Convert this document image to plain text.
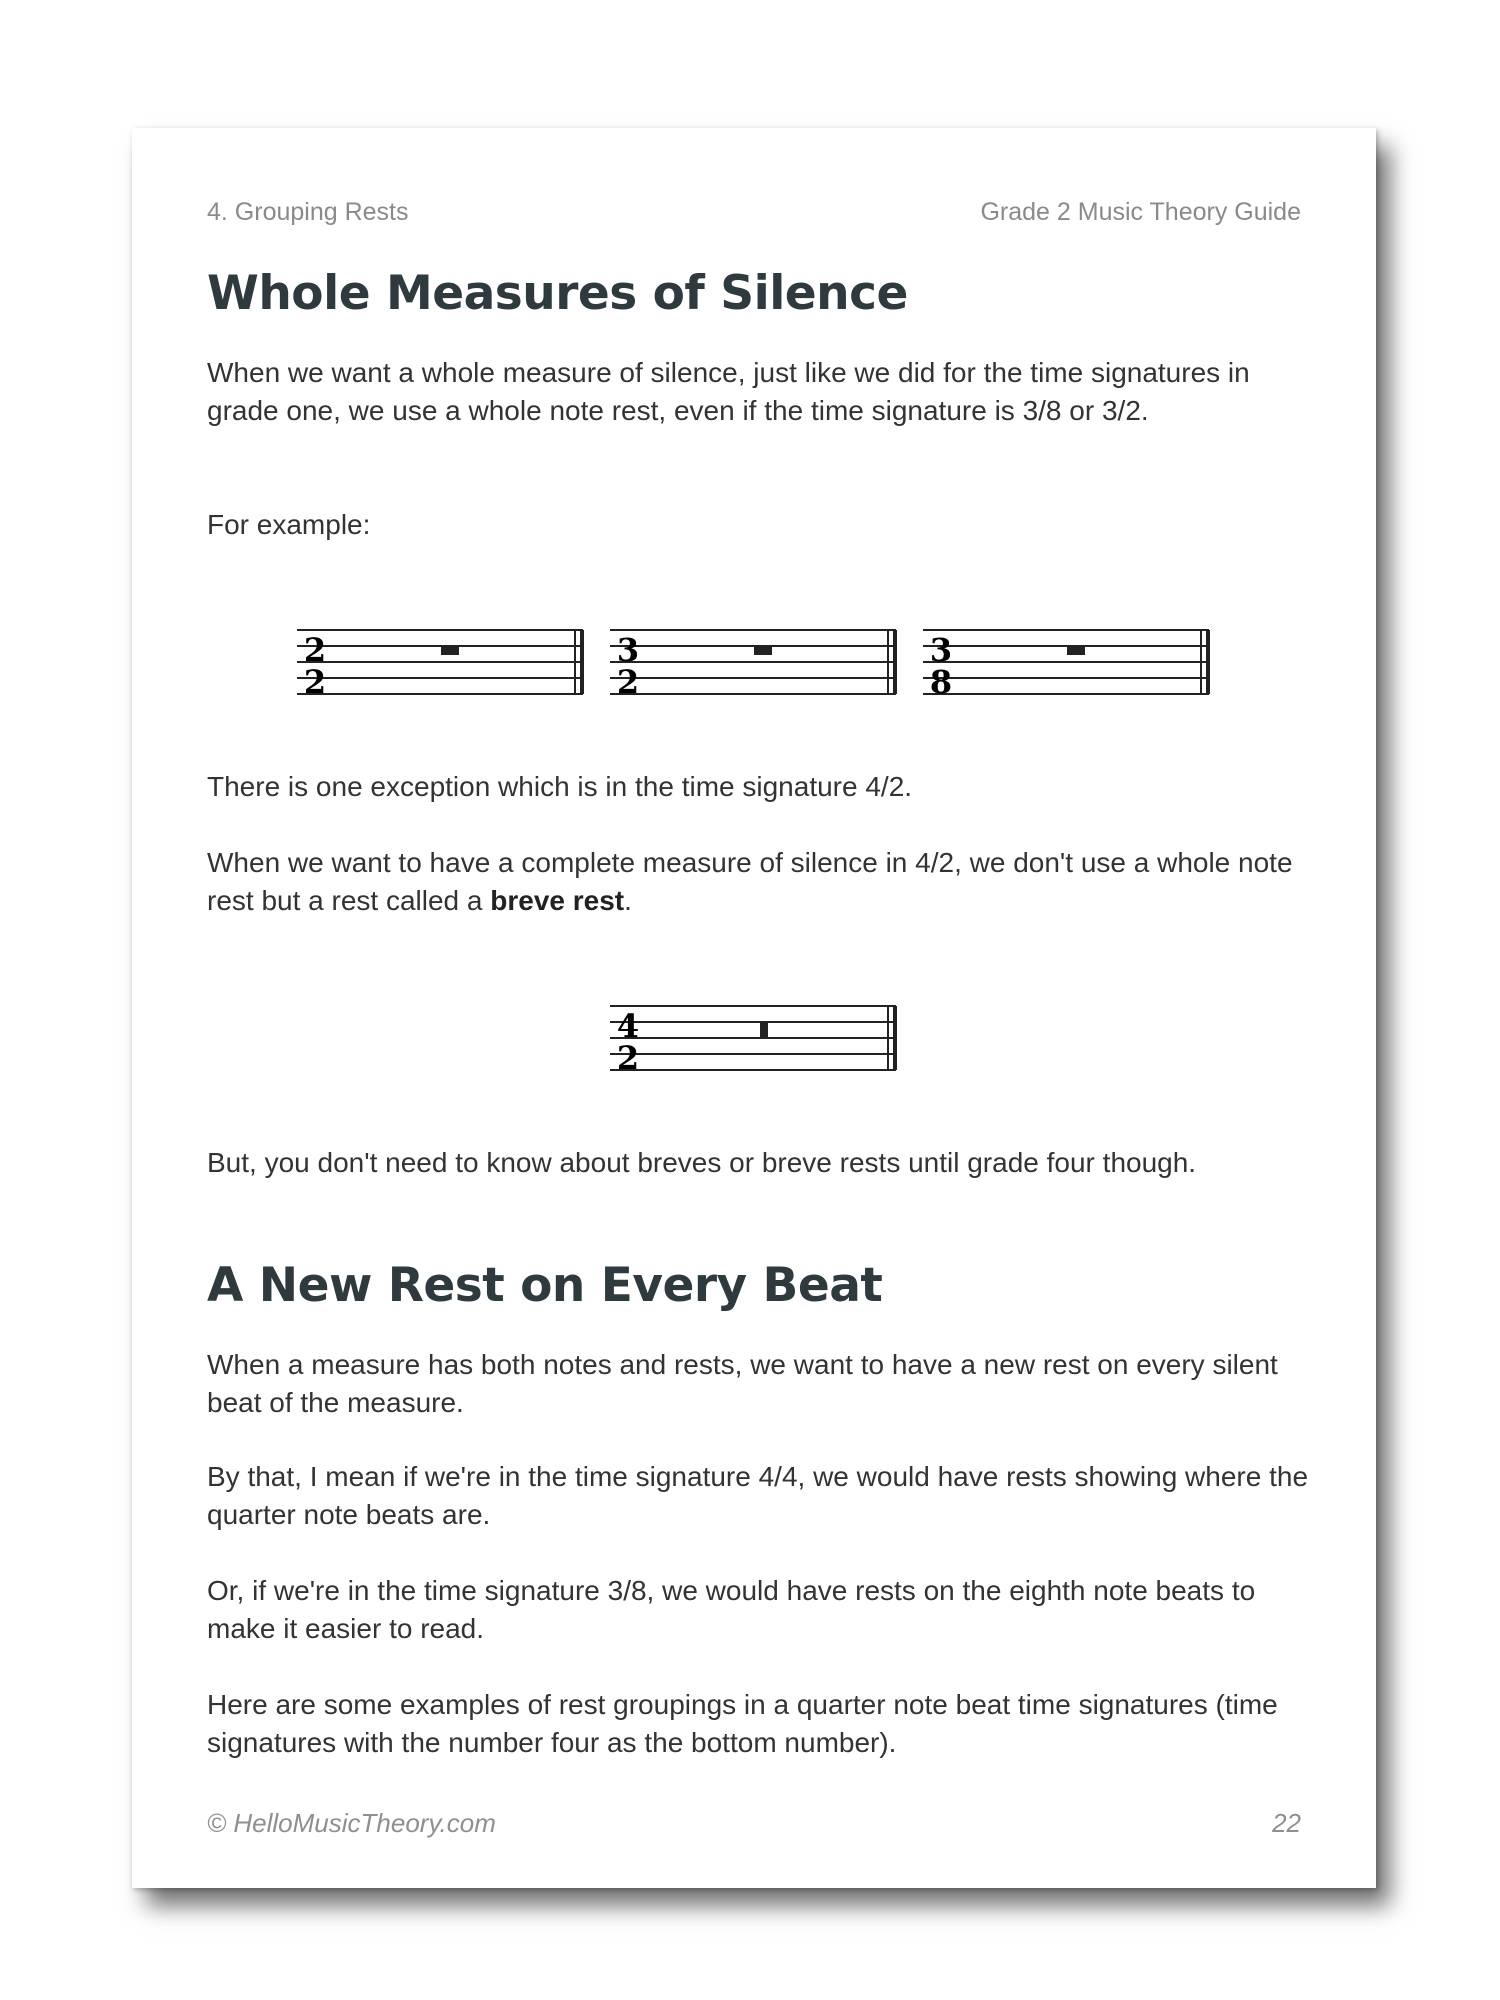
4. Grouping Rests	Grade 2 Music Theory Guide
Whole Measures of Silence

When we want a whole measure of silence, just like we did for the time signatures in grade one, we use a whole note rest, even if the time signature is 3/8 or 3/2.

For example:

2
2
3
2
3
8

There is one exception which is in the time signature 4/2.

When we want to have a complete measure of silence in 4/2, we don't use a whole note rest but a rest called a breve rest.

4
2

But, you don't need to know about breves or breve rests until grade four though.

A New Rest on Every Beat

When a measure has both notes and rests, we want to have a new rest on every silent beat of the measure.

By that, I mean if we're in the time signature 4/4, we would have rests showing where the quarter note beats are.

Or, if we're in the time signature 3/8, we would have rests on the eighth note beats to make it easier to read.

Here are some examples of rest groupings in a quarter note beat time signatures (time signatures with the number four as the bottom number).

© HelloMusicTheory.com	22
